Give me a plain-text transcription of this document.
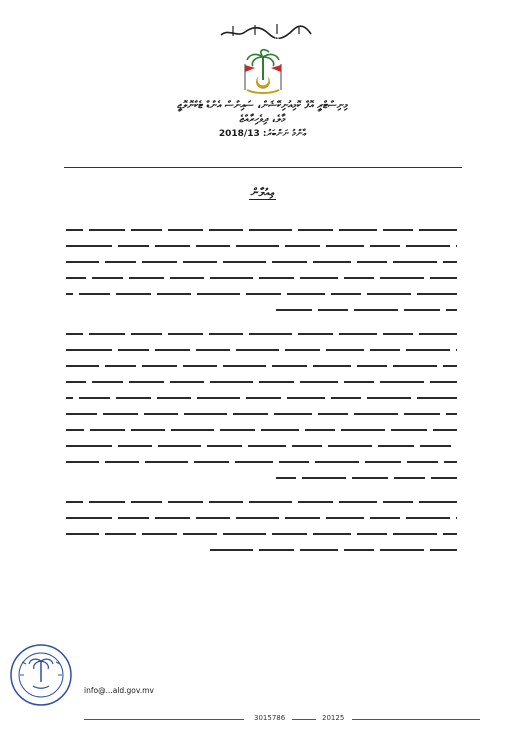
بسم الله الرحمن الرحيم
މިނިސްޓްރީ އޮފް ކޮމިއުނިކޭޝަން، ސައިންސް އެންޑް ޓެކްނޮލޮޖީ
މާލެ، ދިވެހިރާއްޖެ
ޢާންމު ނަންބަރު: 2018/13
ޢިއުލާން
info@...ald.gov.mv
3015786	20125
